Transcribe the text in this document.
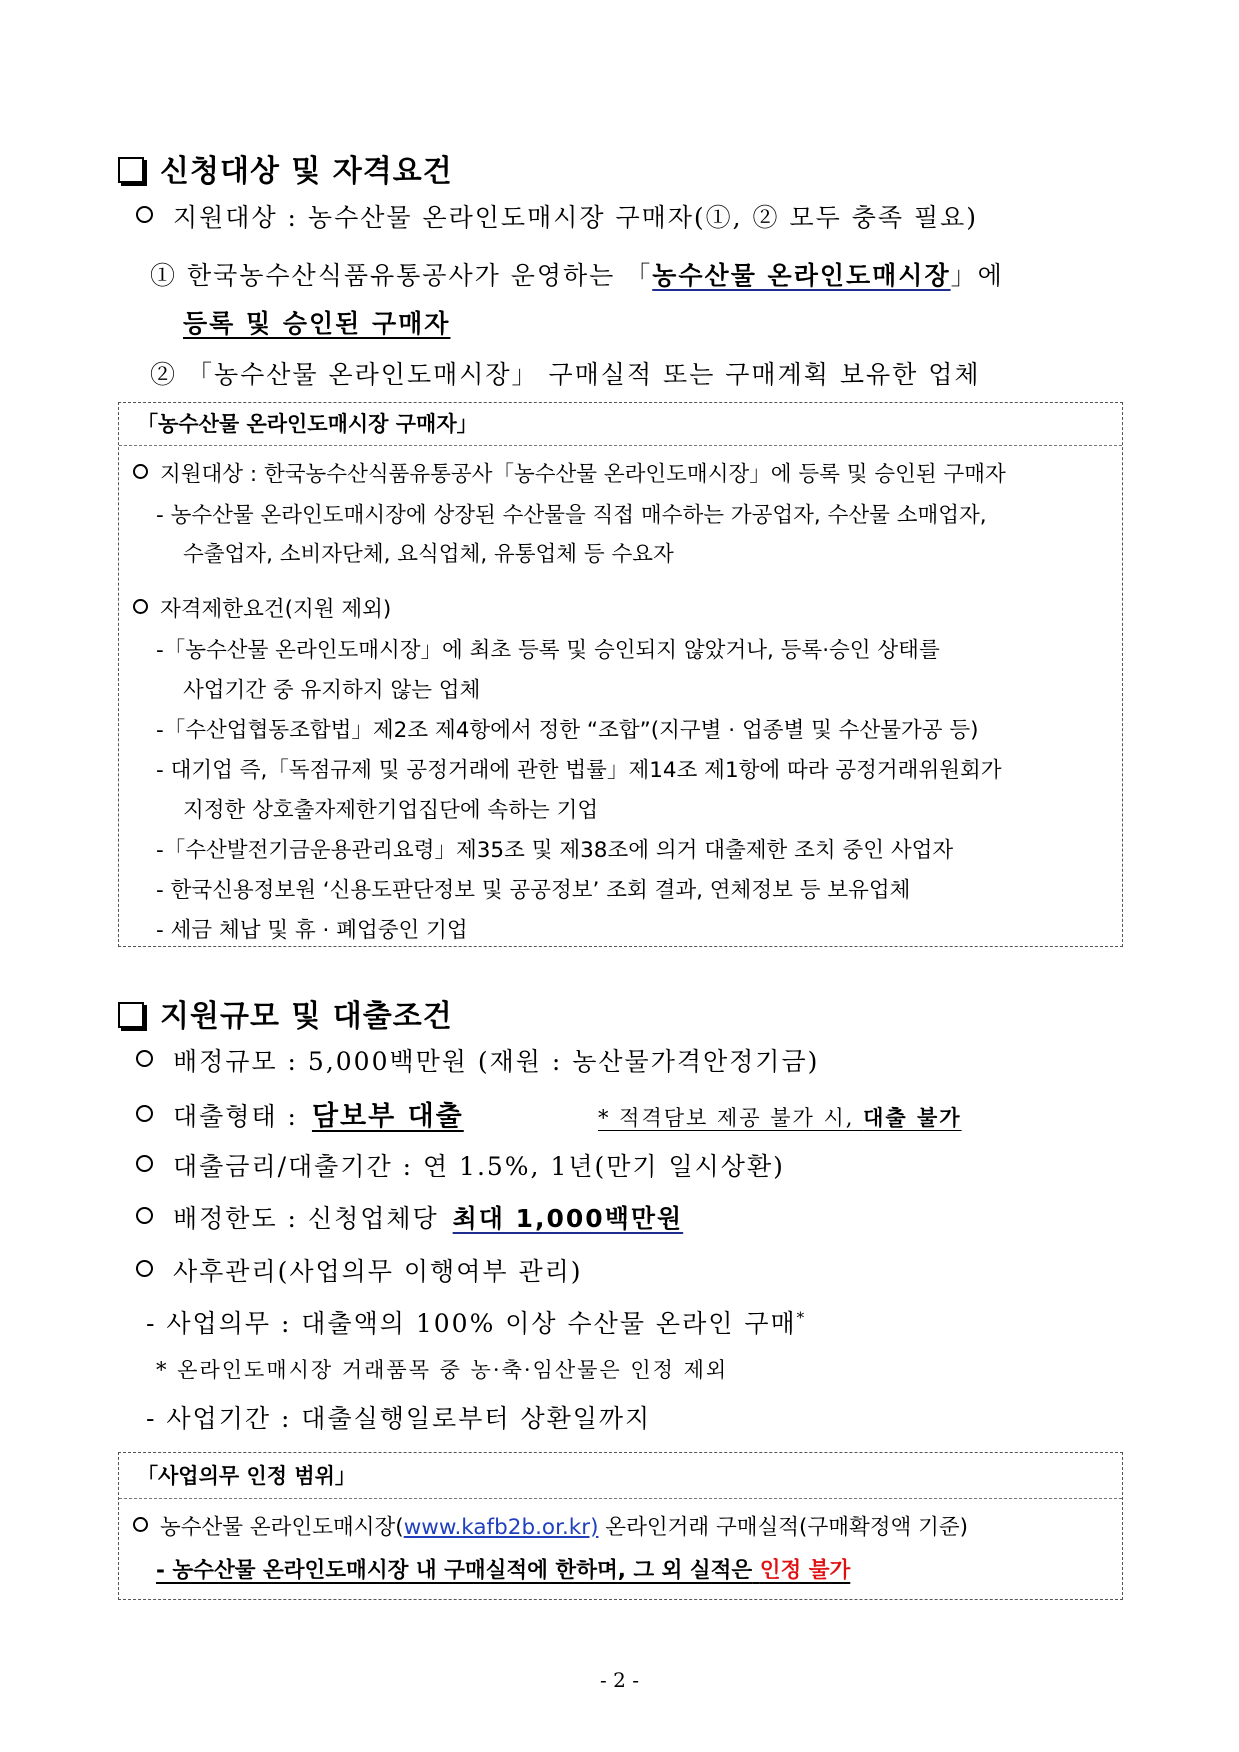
신청대상 및 자격요건
지원대상 : 농수산물 온라인도매시장 구매자(①, ② 모두 충족 필요)
① 한국농수산식품유통공사가 운영하는 「농수산물 온라인도매시장」에
등록 및 승인된 구매자
② 「농수산물 온라인도매시장」 구매실적 또는 구매계획 보유한 업체
「농수산물 온라인도매시장 구매자」
지원대상 : 한국농수산식품유통공사「농수산물 온라인도매시장」에 등록 및 승인된 구매자
- 농수산물 온라인도매시장에 상장된 수산물을 직접 매수하는 가공업자, 수산물 소매업자,
수출업자, 소비자단체, 요식업체, 유통업체 등 수요자
자격제한요건(지원 제외)
-「농수산물 온라인도매시장」에 최초 등록 및 승인되지 않았거나, 등록·승인 상태를
사업기간 중 유지하지 않는 업체
-「수산업협동조합법」제2조 제4항에서 정한 “조합”(지구별 · 업종별 및 수산물가공 등)
- 대기업 즉,「독점규제 및 공정거래에 관한 법률」제14조 제1항에 따라 공정거래위원회가
지정한 상호출자제한기업집단에 속하는 기업
-「수산발전기금운용관리요령」제35조 및 제38조에 의거 대출제한 조치 중인 사업자
- 한국신용정보원 ‘신용도판단정보 및 공공정보’ 조회 결과, 연체정보 등 보유업체
- 세금 체납 및 휴 · 폐업중인 기업
지원규모 및 대출조건
배정규모 : 5,000백만원 (재원 : 농산물가격안정기금)
대출형태 : 담보부 대출	* 적격담보 제공 불가 시, 대출 불가
대출금리/대출기간 : 연 1.5%, 1년(만기 일시상환)
배정한도 : 신청업체당 최대 1,000백만원
사후관리(사업의무 이행여부 관리)
- 사업의무 : 대출액의 100% 이상 수산물 온라인 구매*
* 온라인도매시장 거래품목 중 농·축·임산물은 인정 제외
- 사업기간 : 대출실행일로부터 상환일까지
「사업의무 인정 범위」
농수산물 온라인도매시장(www.kafb2b.or.kr) 온라인거래 구매실적(구매확정액 기준)
- 농수산물 온라인도매시장 내 구매실적에 한하며, 그 외 실적은 인정 불가
- 2 -
